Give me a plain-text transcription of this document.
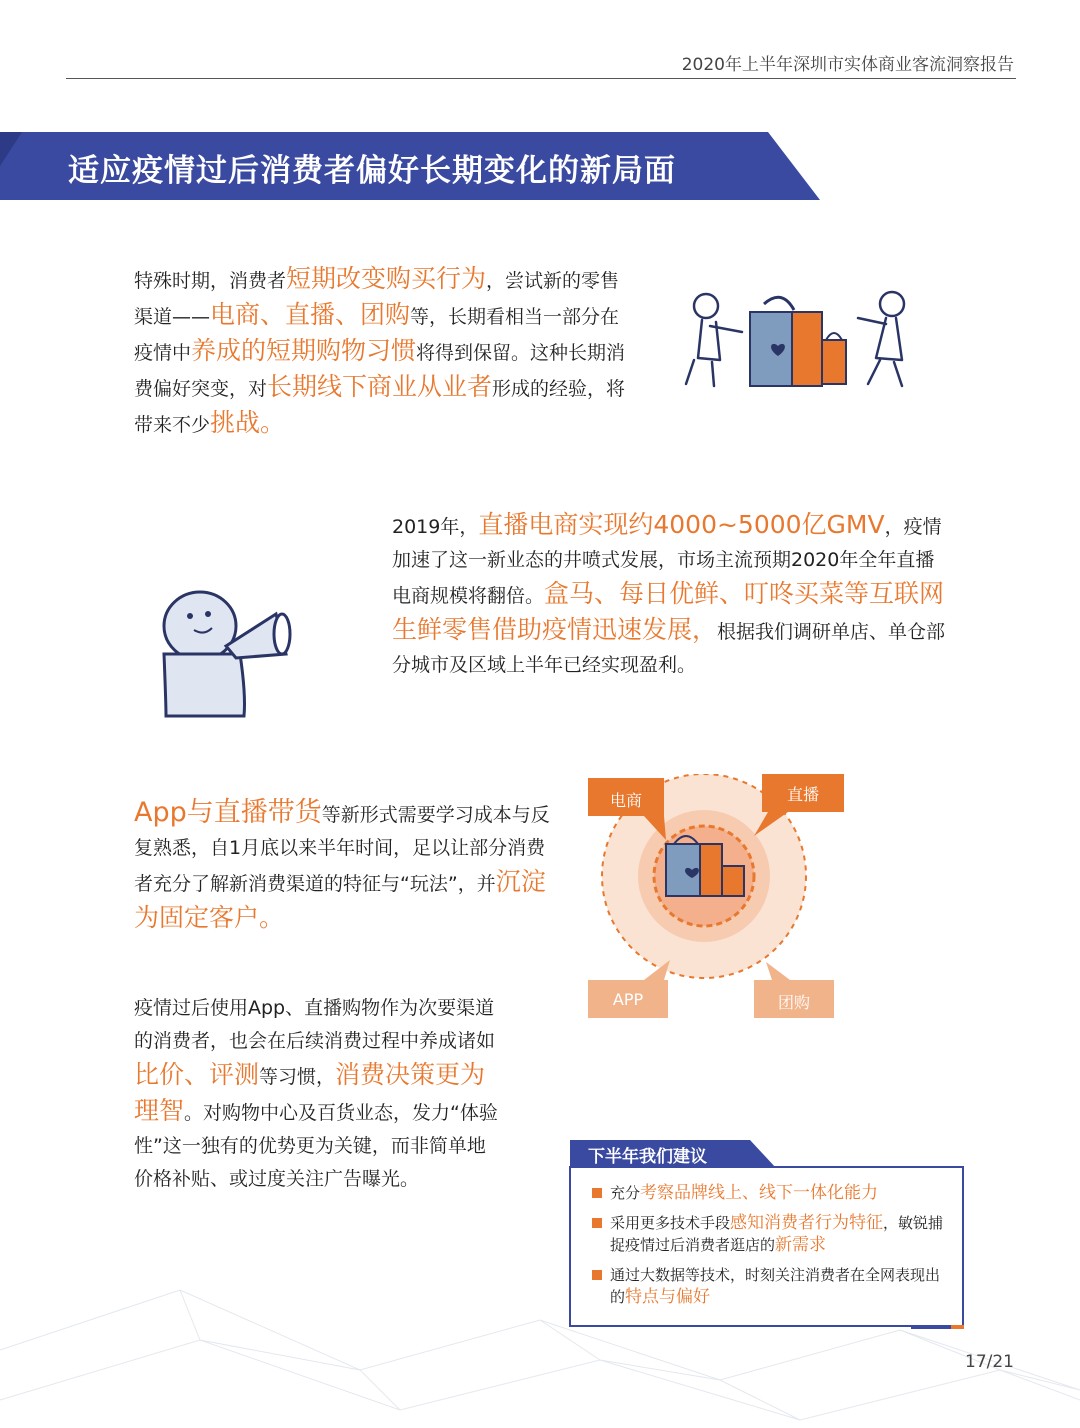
2020年上半年深圳市实体商业客流洞察报告
适应疫情过后消费者偏好长期变化的新局面
特殊时期，消费者短期改变购买行为，尝试新的零售渠道——电商、直播、团购等，长期看相当一部分在疫情中养成的短期购物习惯将得到保留。这种长期消费偏好突变，对长期线下商业从业者形成的经验，将带来不少挑战。
2019年，直播电商实现约4000~5000亿GMV，疫情加速了这一新业态的井喷式发展，市场主流预期2020年全年直播电商规模将翻倍。盒马、每日优鲜、叮咚买菜等互联网生鲜零售借助疫情迅速发展，根据我们调研单店、单仓部分城市及区域上半年已经实现盈利。
App与直播带货等新形式需要学习成本与反复熟悉，自1月底以来半年时间，足以让部分消费者充分了解新消费渠道的特征与“玩法”，并沉淀为固定客户。
电商	直播
APP	团购
疫情过后使用App、直播购物作为次要渠道的消费者，也会在后续消费过程中养成诸如比价、评测等习惯，消费决策更为理智。对购物中心及百货业态，发力“体验性”这一独有的优势更为关键，而非简单地价格补贴、或过度关注广告曝光。
下半年我们建议
充分考察品牌线上、线下一体化能力
采用更多技术手段感知消费者行为特征，敏锐捕捉疫情过后消费者逛店的新需求
通过大数据等技术，时刻关注消费者在全网表现出的特点与偏好
17/21
